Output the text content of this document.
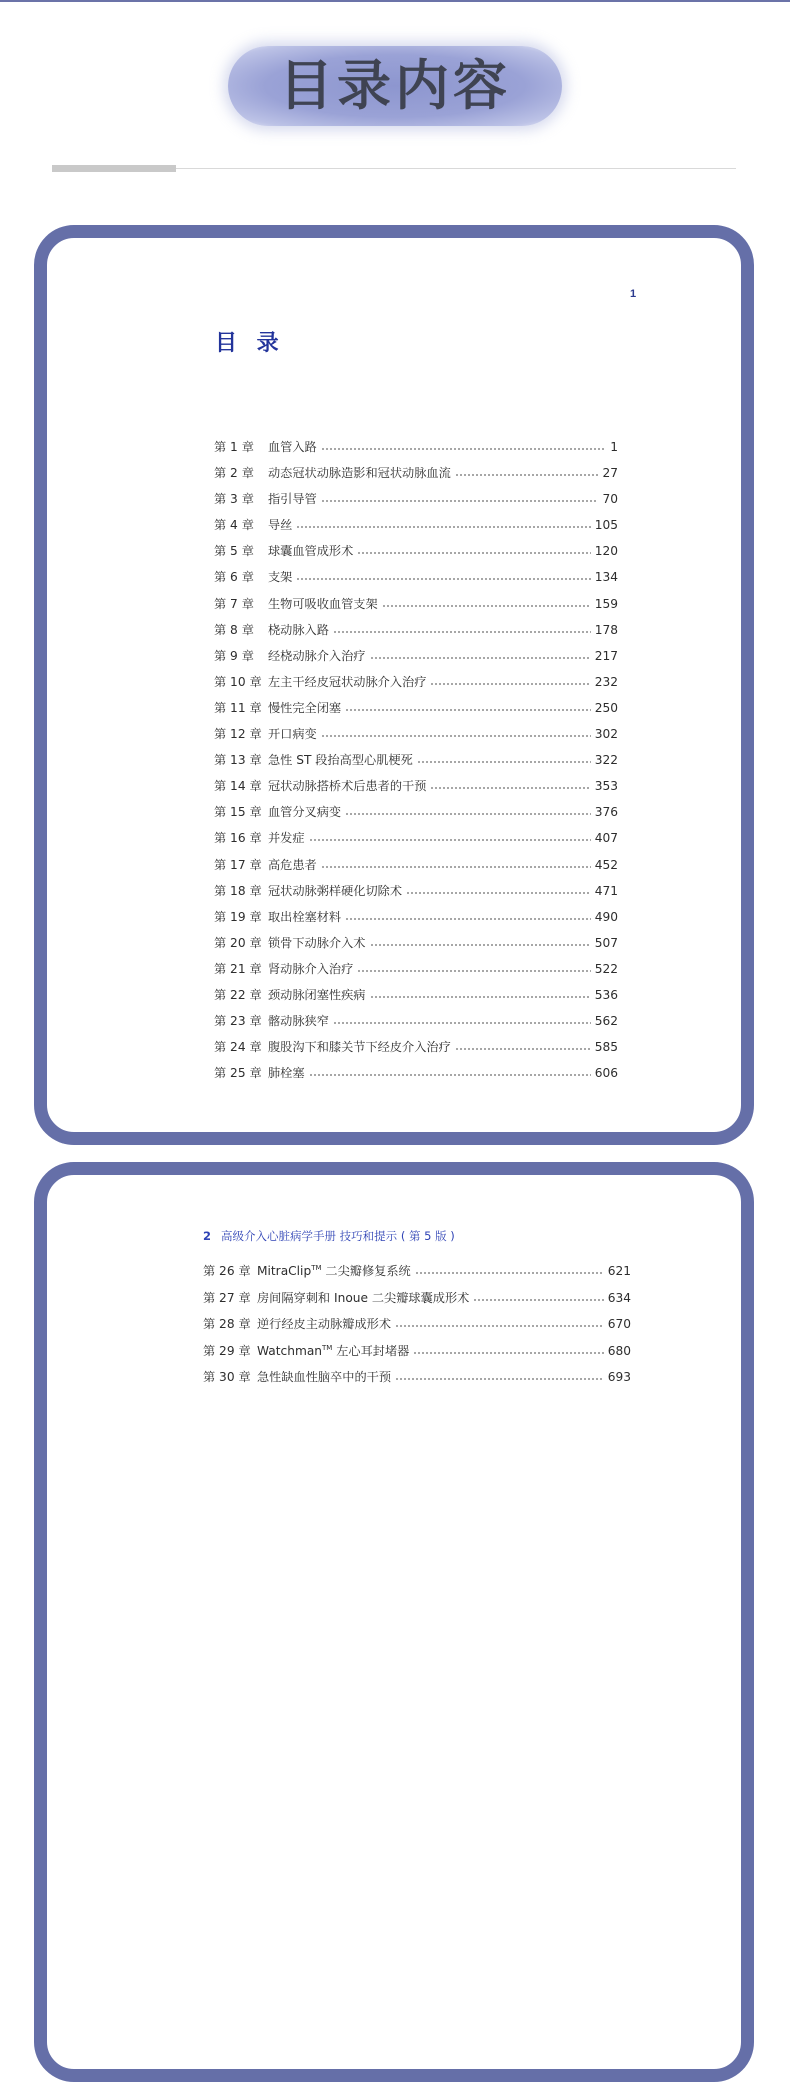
目录内容
1
目 录
第 1 章	血管入路	1
第 2 章	动态冠状动脉造影和冠状动脉血流	27
第 3 章	指引导管	70
第 4 章	导丝	105
第 5 章	球囊血管成形术	120
第 6 章	支架	134
第 7 章	生物可吸收血管支架	159
第 8 章	桡动脉入路	178
第 9 章	经桡动脉介入治疗	217
第 10 章 左主干经皮冠状动脉介入治疗	232
第 11 章 慢性完全闭塞	250
第 12 章 开口病变	302
第 13 章 急性 ST 段抬高型心肌梗死	322
第 14 章 冠状动脉搭桥术后患者的干预	353
第 15 章 血管分叉病变	376
第 16 章 并发症	407
第 17 章 高危患者	452
第 18 章 冠状动脉粥样硬化切除术	471
第 19 章 取出栓塞材料	490
第 20 章 锁骨下动脉介入术	507
第 21 章 肾动脉介入治疗	522
第 22 章 颈动脉闭塞性疾病	536
第 23 章 髂动脉狭窄	562
第 24 章 腹股沟下和膝关节下经皮介入治疗	585
第 25 章 肺栓塞	606
2 高级介入心脏病学手册 技巧和提示 ( 第 5 版 )
第 26 章 MitraClip™ 二尖瓣修复系统	621
第 27 章 房间隔穿刺和 Inoue 二尖瓣球囊成形术	634
第 28 章 逆行经皮主动脉瓣成形术	670
第 29 章 Watchman™ 左心耳封堵器	680
第 30 章 急性缺血性脑卒中的干预	693
